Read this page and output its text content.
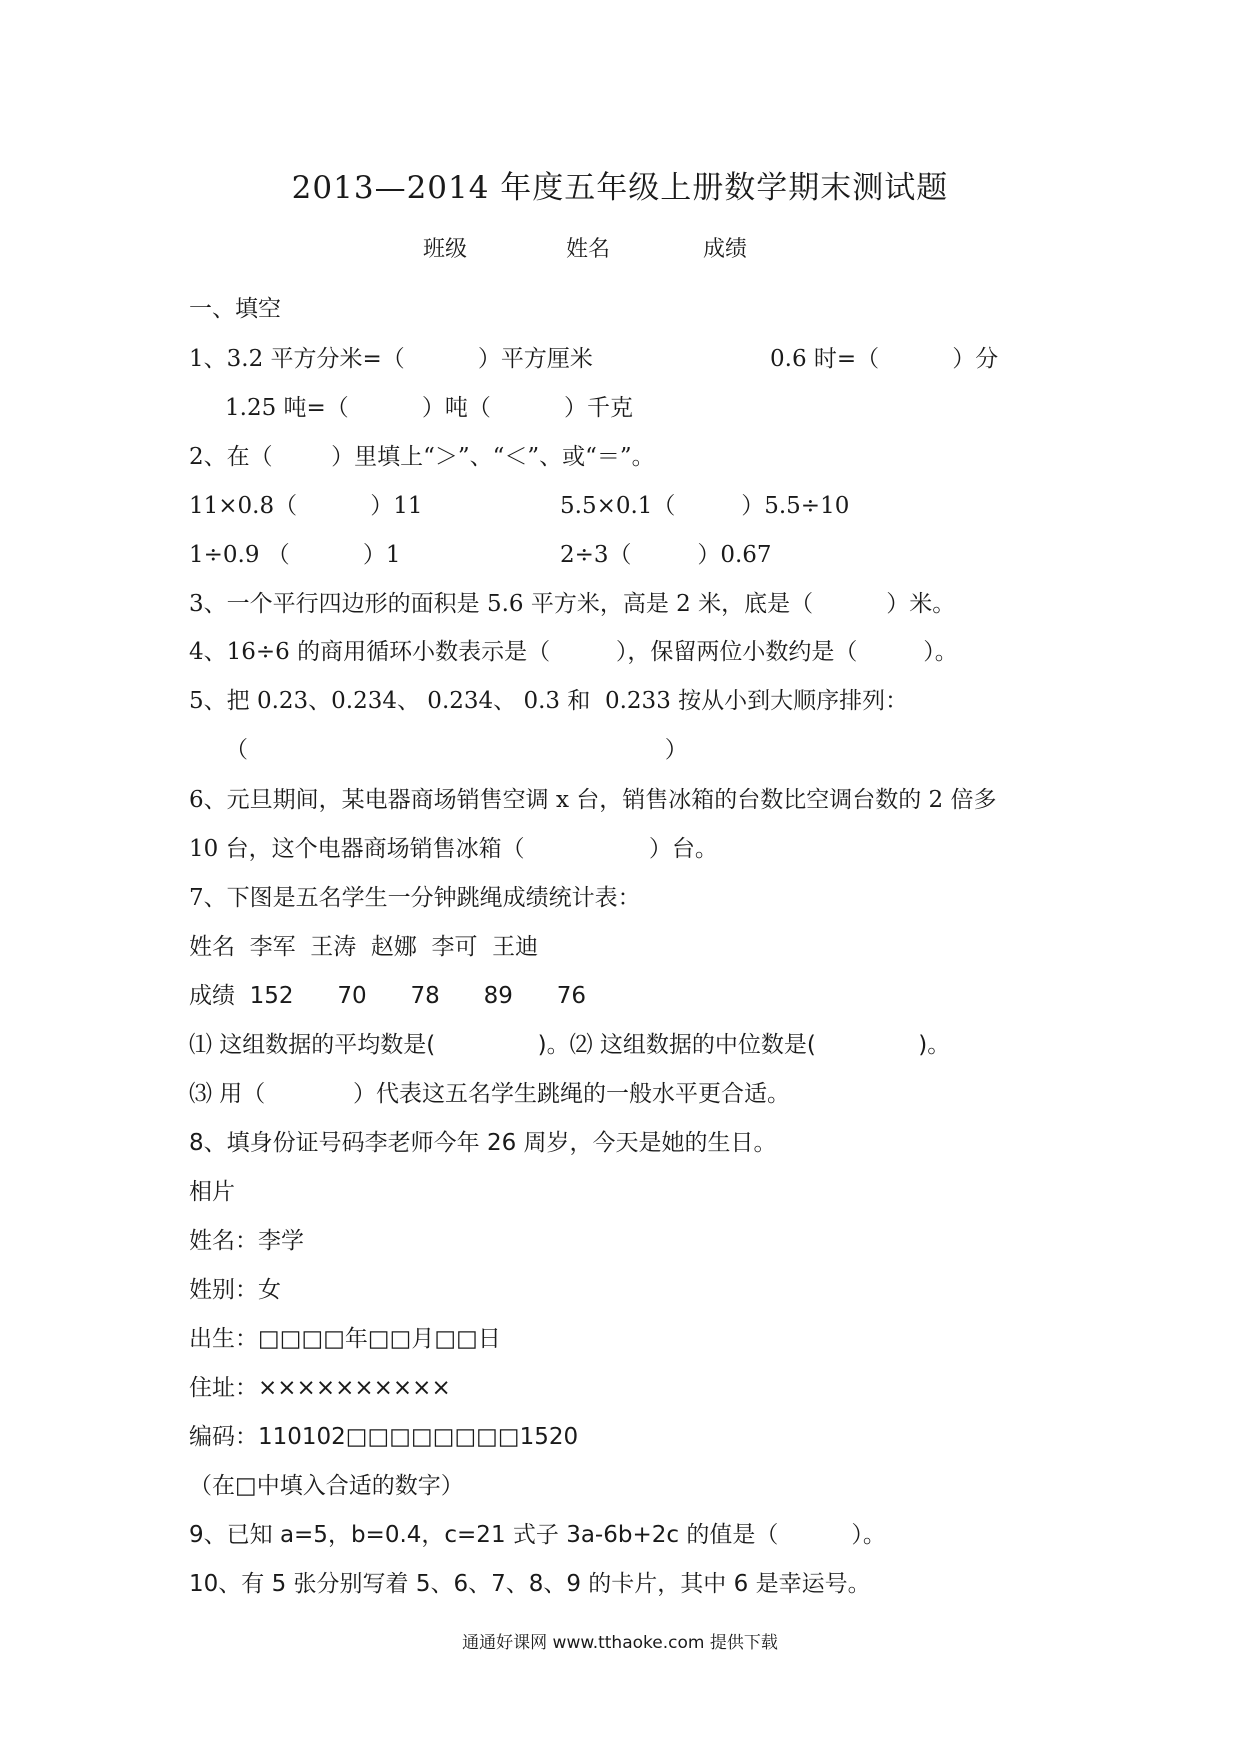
2013—2014 年度五年级上册数学期末测试题
班级	姓名	成绩
一、填空
1、3.2 平方分米=（          ）平方厘米	0.6 时=（          ）分
1.25 吨=（          ）吨（          ）千克
2、在（        ）里填上“＞”、“＜”、或“＝”。
11×0.8（          ）11	5.5×0.1（         ）5.5÷10
1÷0.9 （          ）1	2÷3（         ）0.67
3、一个平行四边形的面积是 5.6 平方米，高是 2 米，底是（          ）米。
4、16÷6 的商用循环小数表示是（         ），保留两位小数约是（         ）。
5、把 0.23、0.234、 0.234、 0.3 和  0.233 按从小到大顺序排列：
（                                                         ）
6、元旦期间，某电器商场销售空调 x 台，销售冰箱的台数比空调台数的 2 倍多
10 台，这个电器商场销售冰箱（                 ）台。
7、下图是五名学生一分钟跳绳成绩统计表：
姓名  李军  王涛  赵娜  李可  王迪
成绩  152      70      78      89      76
⑴ 这组数据的平均数是(              )。⑵ 这组数据的中位数是(              )。
⑶ 用（            ）代表这五名学生跳绳的一般水平更合适。
8、填身份证号码李老师今年 26 周岁，今天是她的生日。
相片
姓名：李学
姓别：女
出生：□□□□年□□月□□日
住址：××××××××××
编码：110102□□□□□□□□1520
（在□中填入合适的数字）
9、已知 a=5，b=0.4，c=21 式子 3a-6b+2c 的值是（          ）。
10、有 5 张分别写着 5、6、7、8、9 的卡片，其中 6 是幸运号。
通通好课网 www.tthaoke.com 提供下载
